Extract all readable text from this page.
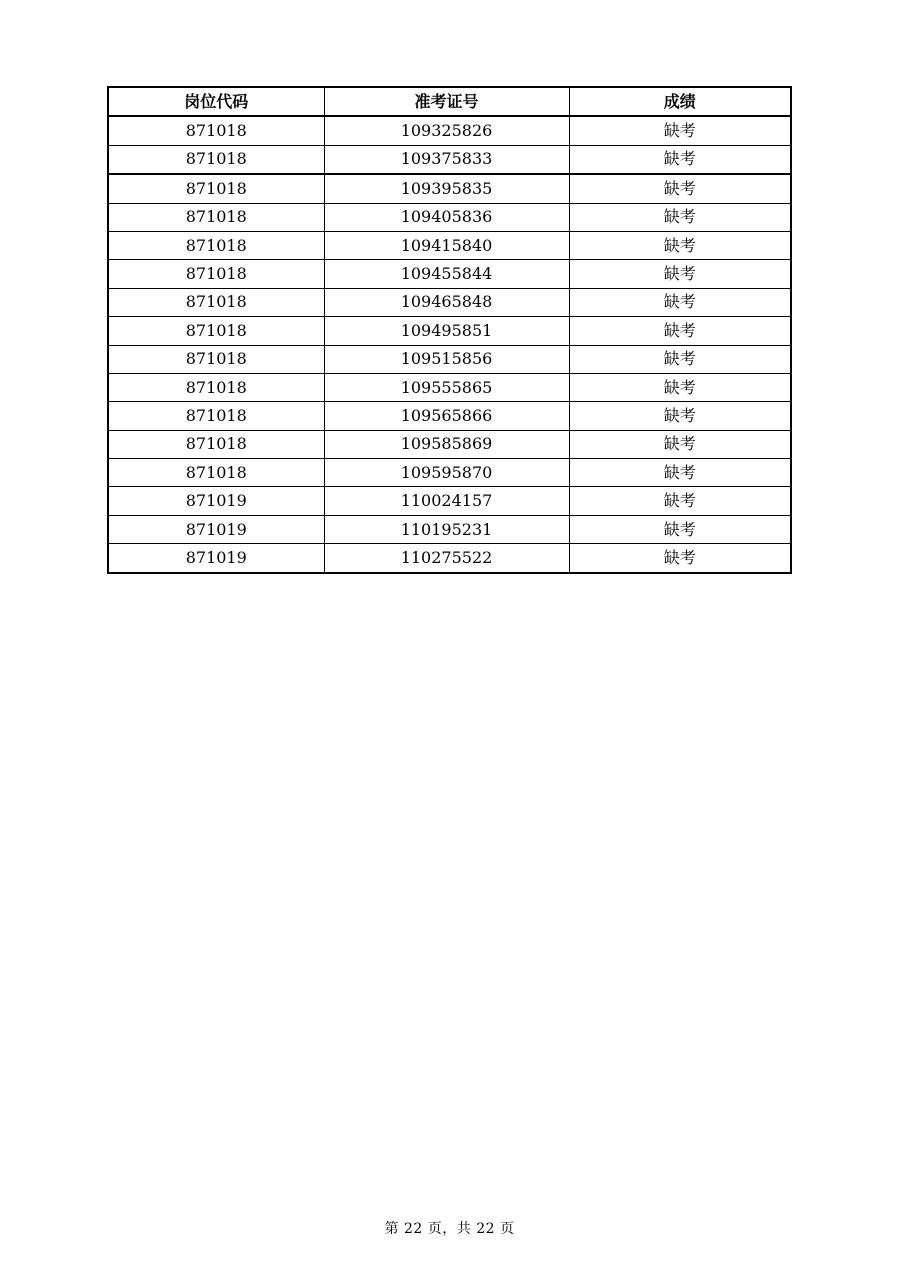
岗位代码	准考证号	成绩
871018	109325826	缺考
871018	109375833	缺考
871018	109395835	缺考
871018	109405836	缺考
871018	109415840	缺考
871018	109455844	缺考
871018	109465848	缺考
871018	109495851	缺考
871018	109515856	缺考
871018	109555865	缺考
871018	109565866	缺考
871018	109585869	缺考
871018	109595870	缺考
871019	110024157	缺考
871019	110195231	缺考
871019	110275522	缺考
第 22 页，共 22 页
